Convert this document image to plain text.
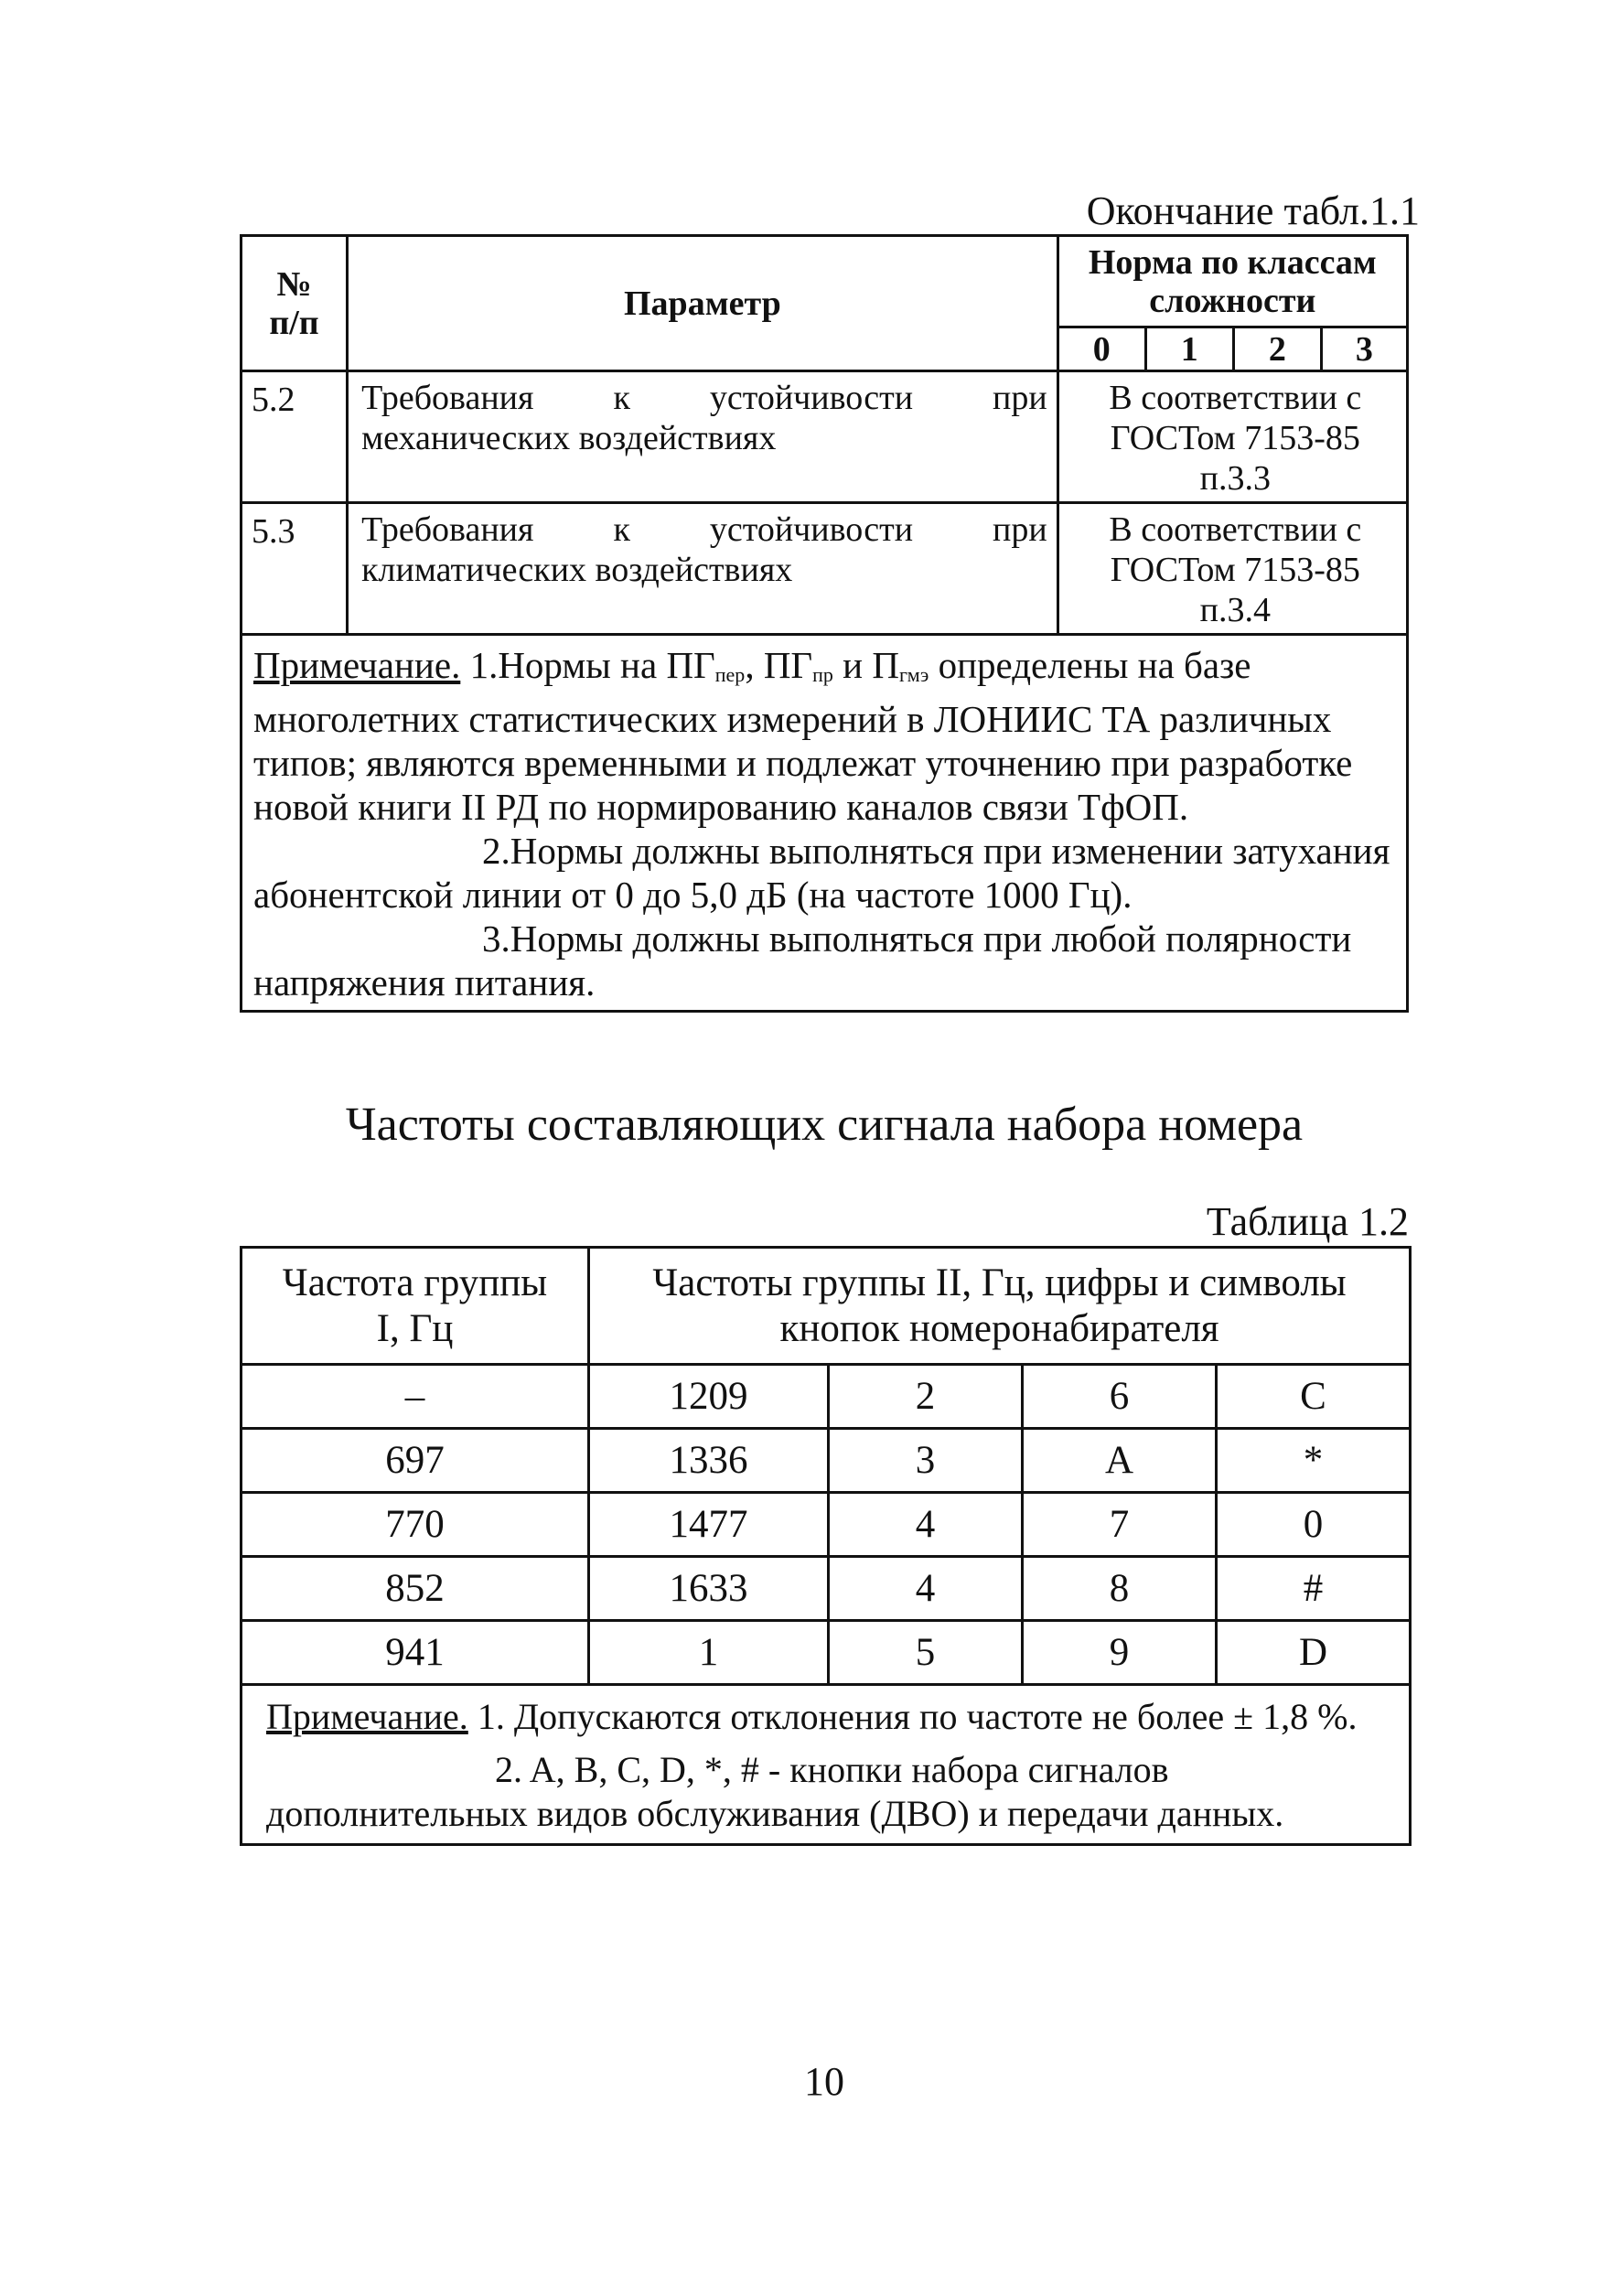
Окончание табл.1.1
№
п/п	Параметр	Норма по классам сложности			
		0	1	2	3
5.2	Требования к устойчивости при механических воздействиях	В соответствии с ГОСТом 7153-85 п.3.3			
5.3	Требования к устойчивости при климатических воздействиях	В соответствии с ГОСТом 7153-85 п.3.4			
Примечание. 1.Нормы на $ПГ_{пер}$, $ПГ_{пр}$ и $П_{гмэ}$ определены на базе многолетних статистических измерений в ЛОНИИС ТА различных типов; являются временными и подлежат уточнению при разработке новой книги II РД по нормированию каналов связи ТфОП.
2.Нормы должны выполняться при изменении затухания абонентской линии от 0 до 5,0 дБ (на частоте 1000 Гц).
3.Нормы должны выполняться при любой полярности напряжения питания.					
Частоты составляющих сигнала набора номера
Таблица 1.2
Частота группы I, Гц	Частоты группы II, Гц, цифры и символы кнопок номеронабирателя			
–	1209	2	6	C
697	1336	3	A	*
770	1477	4	7	0
852	1633	4	8	#
941	1	5	9	D
Примечание. 1. Допускаются отклонения по частоте не более ± 1,8 %.
2. A, B, C, D, *, # - кнопки набора сигналов дополнительных видов обслуживания (ДВО) и передачи данных.				
10
